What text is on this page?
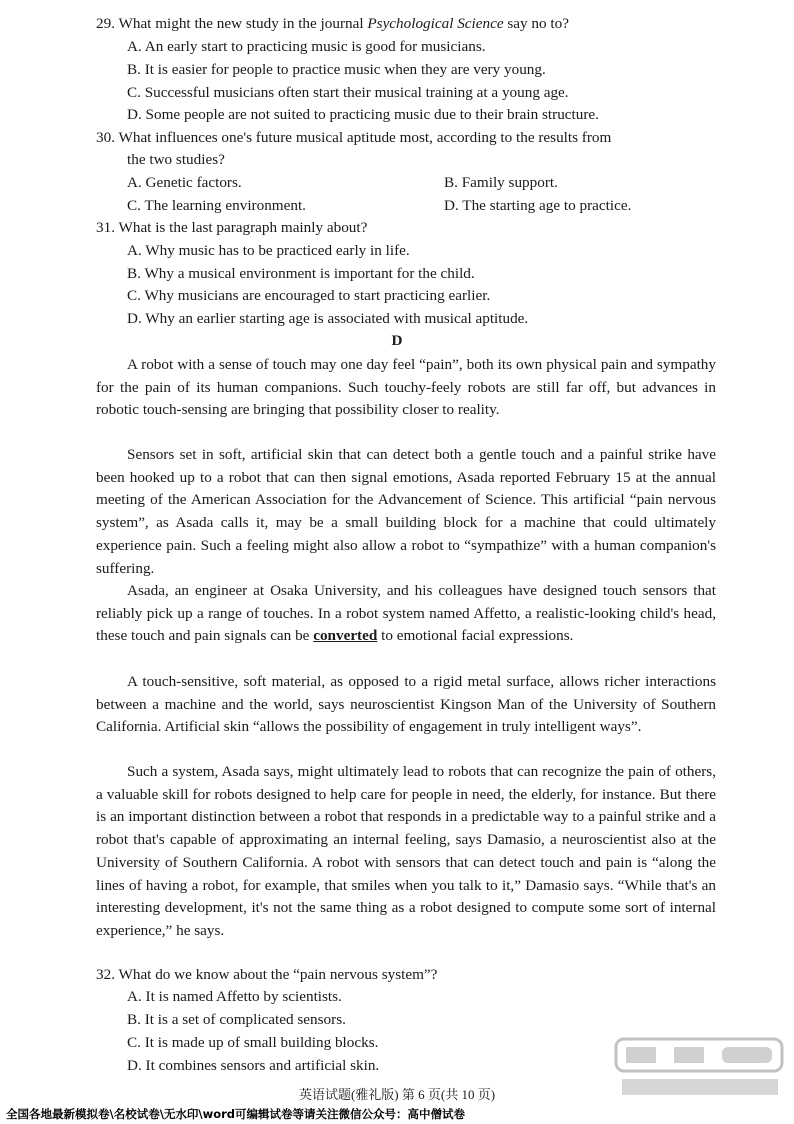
29. What might the new study in the journal Psychological Science say no to?
A. An early start to practicing music is good for musicians.
B. It is easier for people to practice music when they are very young.
C. Successful musicians often start their musical training at a young age.
D. Some people are not suited to practicing music due to their brain structure.
30. What influences one's future musical aptitude most, according to the results from
the two studies?
A. Genetic factors.	B. Family support.
C. The learning environment.	D. The starting age to practice.
31. What is the last paragraph mainly about?
A. Why music has to be practiced early in life.
B. Why a musical environment is important for the child.
C. Why musicians are encouraged to start practicing earlier.
D. Why an earlier starting age is associated with musical aptitude.
D
A robot with a sense of touch may one day feel “pain”, both its own physical pain and sympathy for the pain of its human companions. Such touchy-feely robots are still far off, but advances in robotic touch-sensing are bringing that possibility closer to reality.
Sensors set in soft, artificial skin that can detect both a gentle touch and a painful strike have been hooked up to a robot that can then signal emotions, Asada reported February 15 at the annual meeting of the American Association for the Advancement of Science. This artificial “pain nervous system”, as Asada calls it, may be a small building block for a machine that could ultimately experience pain. Such a feeling might also allow a robot to “sympathize” with a human companion's suffering.
Asada, an engineer at Osaka University, and his colleagues have designed touch sensors that reliably pick up a range of touches. In a robot system named Affetto, a realistic-looking child's head, these touch and pain signals can be converted to emotional facial expressions.
A touch-sensitive, soft material, as opposed to a rigid metal surface, allows richer interactions between a machine and the world, says neuroscientist Kingson Man of the University of Southern California. Artificial skin “allows the possibility of engagement in truly intelligent ways”.
Such a system, Asada says, might ultimately lead to robots that can recognize the pain of others, a valuable skill for robots designed to help care for people in need, the elderly, for instance. But there is an important distinction between a robot that responds in a predictable way to a painful strike and a robot that's capable of approximating an internal feeling, says Damasio, a neuroscientist also at the University of Southern California. A robot with sensors that can detect touch and pain is “along the lines of having a robot, for example, that smiles when you talk to it,” Damasio says. “While that's an interesting development, it's not the same thing as a robot designed to compute some sort of internal experience,” he says.
32. What do we know about the “pain nervous system”?
A. It is named Affetto by scientists.
B. It is a set of complicated sensors.
C. It is made up of small building blocks.
D. It combines sensors and artificial skin.
英语试题(雅礼版) 第 6 页(共 10 页)
全国各地最新模拟卷\名校试卷\无水印\word可编辑试卷等请关注微信公众号：高中僧试卷
